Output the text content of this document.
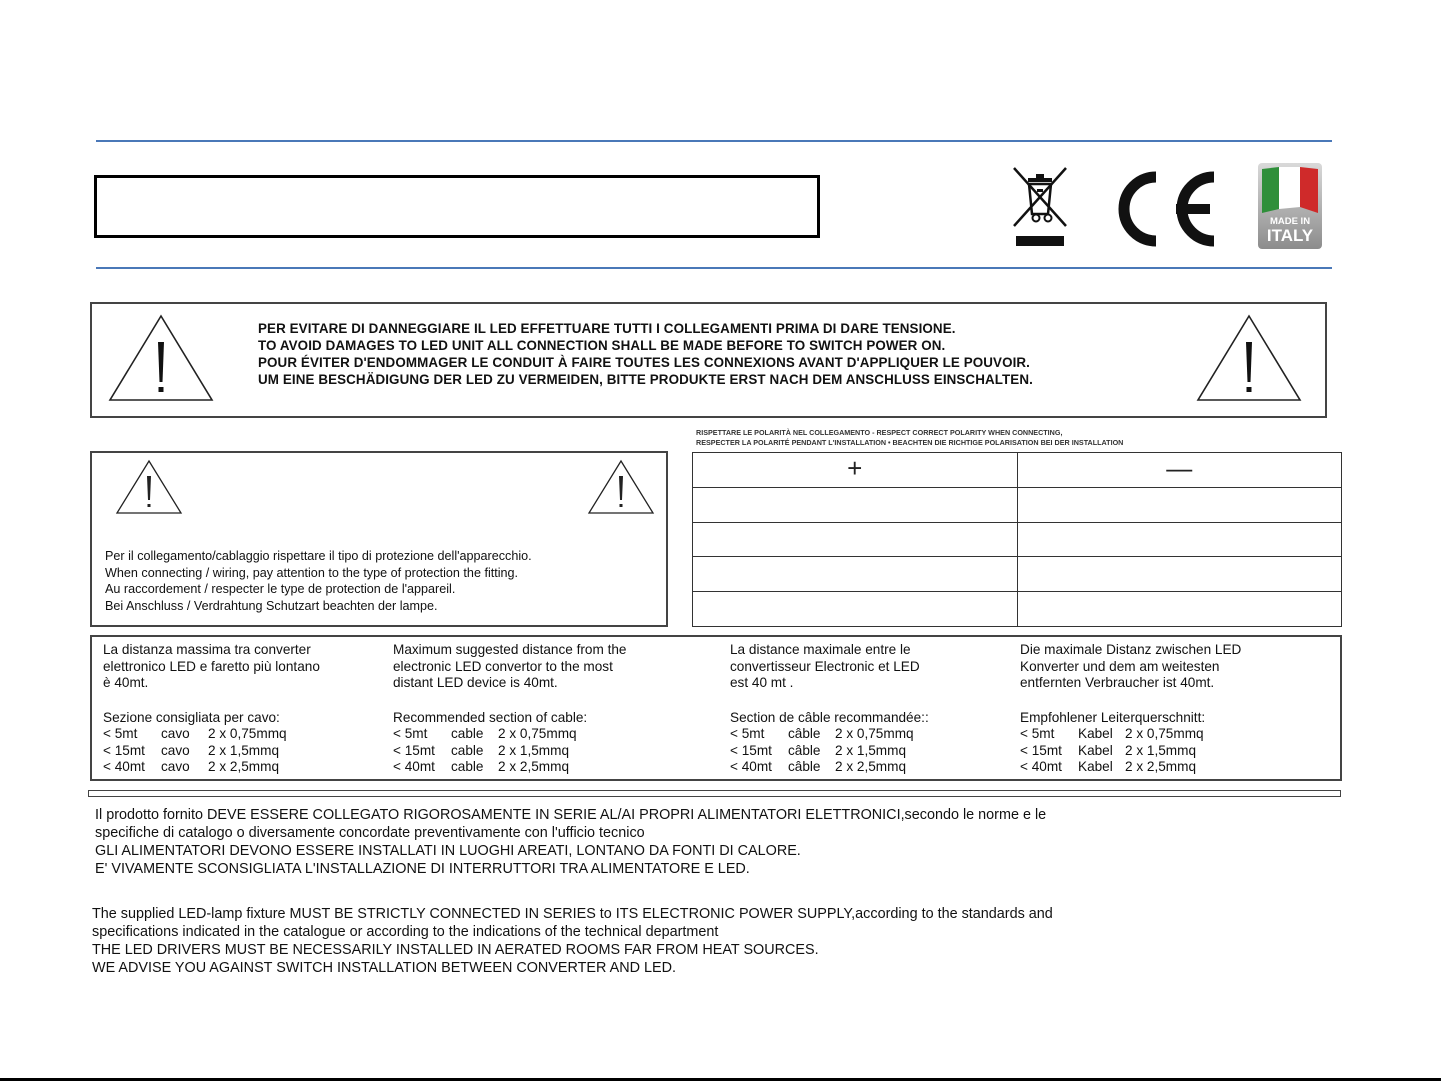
MADE IN
ITALY
PER EVITARE DI DANNEGGIARE IL LED EFFETTUARE TUTTI I COLLEGAMENTI PRIMA DI DARE TENSIONE.
TO AVOID DAMAGES TO LED UNIT ALL CONNECTION SHALL BE MADE BEFORE TO SWITCH POWER ON.
POUR ÉVITER D'ENDOMMAGER LE CONDUIT À FAIRE TOUTES LES CONNEXIONS AVANT D'APPLIQUER LE POUVOIR.
UM EINE BESCHÄDIGUNG DER LED ZU VERMEIDEN, BITTE PRODUKTE ERST NACH DEM ANSCHLUSS EINSCHALTEN.
Per il collegamento/cablaggio rispettare il tipo di protezione dell'apparecchio.
When connecting / wiring, pay attention to the type of protection the fitting.
Au raccordement / respecter le type de protection de l'appareil.
Bei Anschluss / Verdrahtung Schutzart beachten der lampe.
RISPETTARE LE POLARITÀ NEL COLLEGAMENTO - RESPECT CORRECT POLARITY WHEN CONNECTING,
RESPECTER LA POLARITÉ PENDANT L'INSTALLATION • BEACHTEN DIE RICHTIGE POLARISATION BEI DER INSTALLATION
+	—

La distanza massima tra converter
elettronico LED e faretto più lontano
è 40mt.
Sezione consigliata per cavo:
< 5mt	cavo	2 x 0,75mmq
< 15mt	cavo	2 x 1,5mmq
< 40mt	cavo	2 x 2,5mmq
Maximum suggested distance from the
electronic LED convertor to the most
distant LED device is 40mt.
Recommended section of cable:
< 5mt	cable	2 x 0,75mmq
< 15mt	cable	2 x 1,5mmq
< 40mt	cable	2 x 2,5mmq
La distance maximale entre le
convertisseur Electronic et LED
est 40 mt .
Section de câble recommandée::
< 5mt	câble	2 x 0,75mmq
< 15mt	câble	2 x 1,5mmq
< 40mt	câble	2 x 2,5mmq
Die maximale Distanz zwischen LED
Konverter und dem am weitesten
entfernten Verbraucher ist 40mt.
Empfohlener Leiterquerschnitt:
< 5mt	Kabel 2 x 0,75mmq
< 15mt	Kabel 2 x 1,5mmq
< 40mt	Kabel 2 x 2,5mmq
Il prodotto fornito DEVE ESSERE COLLEGATO RIGOROSAMENTE IN SERIE AL/AI PROPRI ALIMENTATORI ELETTRONICI,secondo le norme e le
specifiche di catalogo o diversamente concordate preventivamente con l'ufficio tecnico
GLI ALIMENTATORI DEVONO ESSERE INSTALLATI IN LUOGHI AREATI, LONTANO DA FONTI DI CALORE.
E' VIVAMENTE SCONSIGLIATA L'INSTALLAZIONE DI INTERRUTTORI TRA ALIMENTATORE E LED.
The supplied LED-lamp fixture MUST BE STRICTLY CONNECTED IN SERIES to ITS ELECTRONIC POWER SUPPLY,according to the standards and
specifications indicated in the catalogue or according to the indications of the technical department
THE LED DRIVERS MUST BE NECESSARILY INSTALLED IN AERATED ROOMS FAR FROM HEAT SOURCES.
WE ADVISE YOU AGAINST SWITCH INSTALLATION BETWEEN CONVERTER AND LED.
